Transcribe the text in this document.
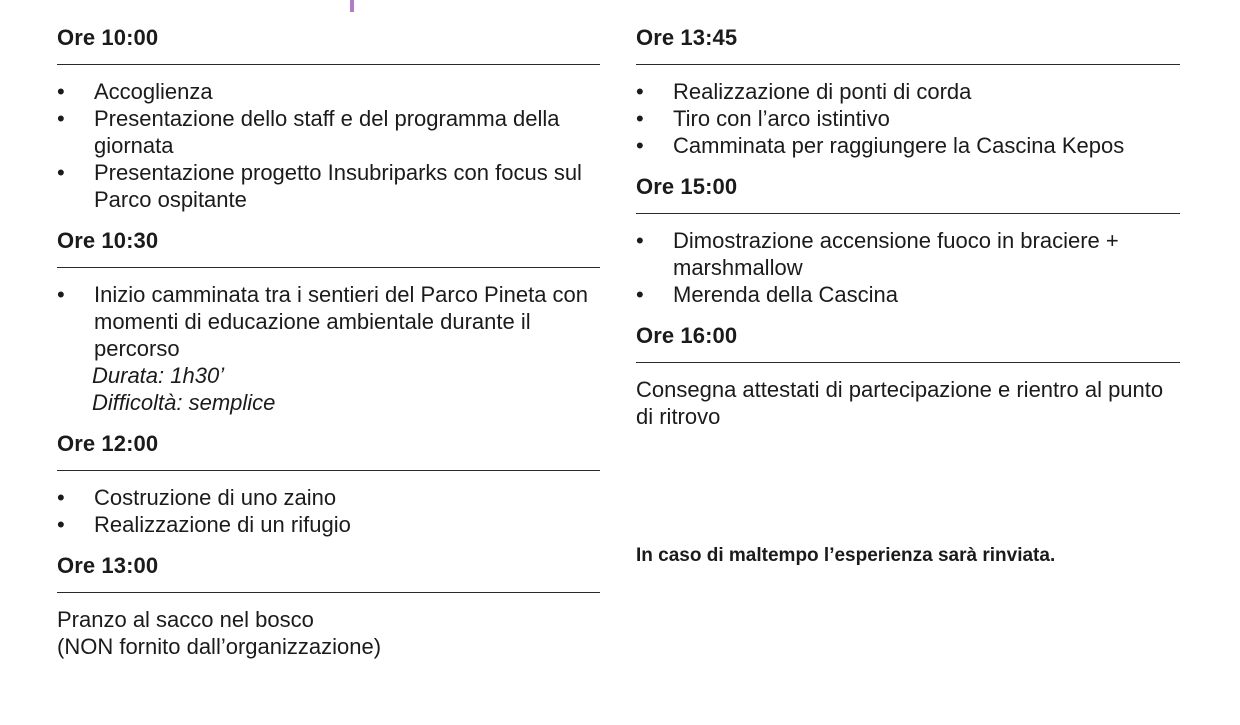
Ore 10:00
•	Accoglienza
•	Presentazione dello staff e del programma della giornata
•	Presentazione progetto Insubriparks con focus sul Parco ospitante
Ore 10:30
•	Inizio camminata tra i sentieri del Parco Pineta con momenti di educazione ambientale durante il percorso
Durata: 1h30’
Difficoltà: semplice
Ore 12:00
•	Costruzione di uno zaino
•	Realizzazione di un rifugio
Ore 13:00
Pranzo al sacco nel bosco
(NON fornito dall’organizzazione)
Ore 13:45
•	Realizzazione di ponti di corda
•	Tiro con l’arco istintivo
•	Camminata per raggiungere la Cascina Kepos
Ore 15:00
•	Dimostrazione accensione fuoco in braciere + marshmallow
•	Merenda della Cascina
Ore 16:00
Consegna attestati di partecipazione e rientro al punto di ritrovo
In caso di maltempo l’esperienza sarà rinviata.
